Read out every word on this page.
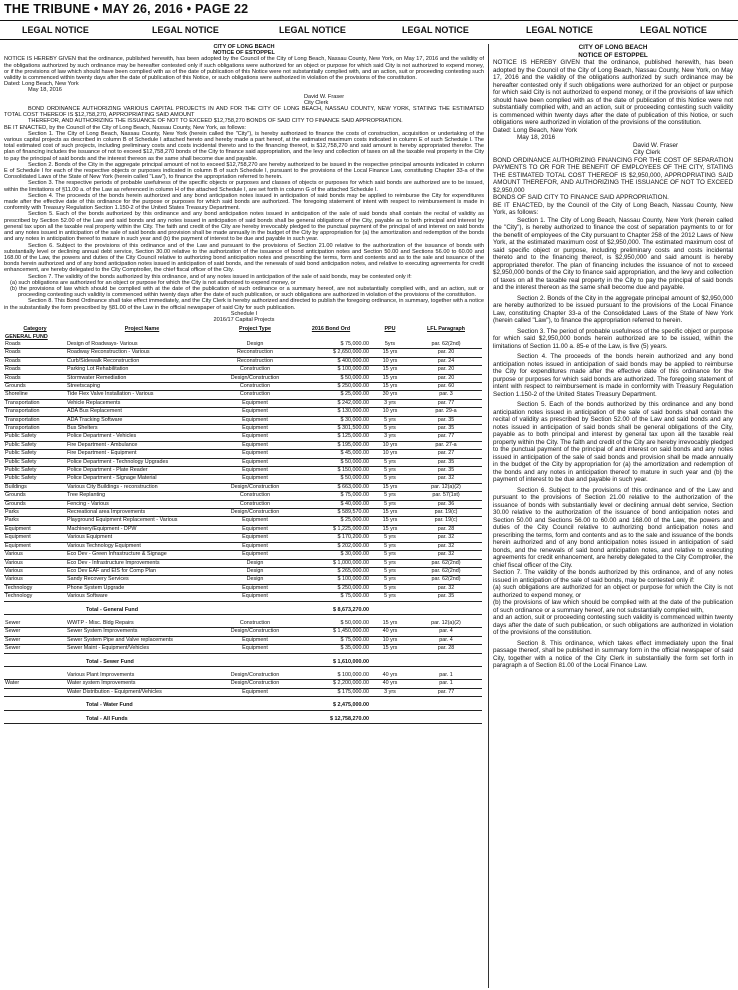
THE TRIBUNE • MAY 26, 2016 • PAGE 22
LEGAL NOTICE	LEGAL NOTICE	LEGAL NOTICE	LEGAL NOTICE	LEGAL NOTICE	LEGAL NOTICE
CITY OF LONG BEACH
NOTICE OF ESTOPPEL

NOTICE IS HEREBY GIVEN that the ordinance, published herewith, has been adopted by the Council of the City of Long Beach, Nassau County, New York, on May 17, 2016 and the validity of the obligations authorized by such ordinance may be hereafter contested only if such obligations were authorized for an object or purpose for which said City is not authorized to expend money, or if the provisions of law which should have been complied with as of the date of publication of this Notice were not substantially complied with, and an action, suit or proceeding contesting such validity is commenced within twenty days after the date of publication of this Notice, or such obligations were authorized in violation of the provisions of the constitution.

Dated: Long Beach, New York
May 18, 2016
David W. Fraser
City Clerk

BOND ORDINANCE AUTHORIZING VARIOUS CAPITAL PROJECTS IN AND FOR THE CITY OF LONG BEACH, NASSAU COUNTY, NEW YORK, STATING THE ESTIMATED TOTAL COST THEREOF IS $12,758,270, APPROPRIATING SAID AMOUNT

THEREFOR, AND AUTHORIZING THE ISSUANCE OF NOT TO EXCEED $12,758,270 BONDS OF SAID CITY TO FINANCE SAID APPROPRIATION.

BE IT ENACTED, by the Council of the City of Long Beach, Nassau County, New York, as follows:

Section 1. The City of Long Beach, Nassau County, New York (herein called the "City"), is hereby authorized to finance the costs of construction, acquisition or undertaking of the various capital projects as described in column B of Schedule I attached hereto and hereby made a part hereof, at the estimated maximum costs indicated in column E of such Schedule I. The total estimated cost of such projects, including preliminary costs and costs incidental thereto and to the financing thereof, is $12,758,270 and said amount is hereby appropriated therefor. The plan of financing includes the issuance of not to exceed $12,758,270 bonds of the City to finance said appropriation, and the levy and collection of taxes on all the taxable real property in the City to pay the principal of said bonds and the interest thereon as the same shall become due and payable.

Section 2. Bonds of the City in the aggregate principal amount of not to exceed $12,758,270 are hereby authorized to be issued in the respective principal amounts indicated in column E of Schedule I for each of the respective objects or purposes indicated in column B of such Schedule I, pursuant to the provisions of the Local Finance Law, constituting Chapter 33-a of the Consolidated Laws of the State of New York (herein called "Law"), to finance the appropriation referred to herein.

Section 3. The respective periods of probable usefulness of the specific objects or purposes and classes of objects or purposes for which said bonds are authorized are to be issued, within the limitations of §11.00 a. of the Law as referenced in column H of the attached Schedule I, are set forth in column G of the attached Schedule I.

Section 4. The proceeds of the bonds herein authorized and any bond anticipation notes issued in anticipation of said bonds may be applied to reimburse the City for expenditures made after the effective date of this ordinance for the purpose or purposes for which said bonds are authorized. The foregoing statement of intent with respect to reimbursement is made in conformity with Treasury Regulation Section 1.150-2 of the United States Treasury Department.

Section 5. Each of the bonds authorized by this ordinance and any bond anticipation notes issued in anticipation of the sale of said bonds shall contain the recital of validity as prescribed by Section 52.00 of the Law and said bonds and any notes issued in anticipation of said bonds shall be general obligations of the City, payable as to both principal and interest by general tax upon all the taxable real property within the City. The faith and credit of the City are hereby irrevocably pledged to the punctual payment of the principal of and interest on said bonds and any notes issued in anticipation of the sale of said bonds and provision shall be made annually in the budget of the City by appropriation for (a) the amortization and redemption of the bonds and any notes in anticipation thereof to mature in such year and (b) the payment of interest to be due and payable in such year.

Section 6. Subject to the provisions of this ordinance and of the Law and pursuant to the provisions of Section 21.00 relative to the authorization of the issuance of bonds with substantially level or declining annual debt service, Section 30.00 relative to the authorization of the issuance of bond anticipation notes and Section 50.00 and Sections 56.00 to 60.00 and 168.00 of the Law, the powers and duties of the City Council relative to authorizing bond anticipation notes and prescribing the terms, form and contents and as to the sale and issuance of the bonds herein authorized and of any bond anticipation notes issued in anticipation of said bonds, and the renewals of said bond anticipation notes, and relative to executing agreements for credit enhancement, are hereby delegated to the City Comptroller, the chief fiscal officer of the City.

Section 7. The validity of the bonds authorized by this ordinance, and of any notes issued in anticipation of the sale of said bonds, may be contested only if:

(a) such obligations are authorized for an object or purpose for which the City is not authorized to expend money, or

(b) the provisions of law which should be complied with at the date of the publication of such ordinance or a summary hereof, are not substantially complied with, and an action, suit or proceeding contesting such validity is commenced within twenty days after the date of such publication, or such obligations are authorized in violation of the provisions of the constitution.

Section 8. This Bond Ordinance shall take effect immediately, and the City Clerk is hereby authorized and directed to publish the foregoing ordinance, in summary, together with a notice in the substantially the form prescribed by §81.00 of the Law in the official newspaper of said City for such publication.

Schedule I
2016/17 Capital Projects
Category	Project Name	Project Type	2016 Bond Ord	PPU	LFL Paragraph
GENERAL FUND					
Roads	Design of Roadways- Various	Design	$ 75,000.00	5yrs	par. 62(2nd)
Roads	Roadway Reconstruction - Various	Reconstruction	$ 2,650,000.00	15 yrs	par. 20
Roads	Curb/Sidewalk Reconstruction	Reconstruction	$ 400,000.00	10 yrs	par. 24
Roads	Parking Lot Rehabilitation	Construction	$ 100,000.00	15 yrs	par. 20
Roads	Stormwater Remediation	Design/Construction	$ 50,000.00	15 yrs	par. 20
Grounds	Streetscaping	Construction	$ 250,000.00	15 yrs	par. 60
Shoreline	Tide Flex Valve Installation - Various	Construction	$ 25,000.00	30 yrs	par. 3
Transportation	Vehicle Replacements	Equipment	$ 242,000.00	3 yrs	par. 77
Transportation	ADA Bus Replacement	Equipment	$ 130,000.00	10 yrs	par. 29-a
Transportation	ADA Tracking Software	Equipment	$ 30,000.00	5 yrs	par. 35
Transportation	Bus Shelters	Equipment	$ 301,500.00	5 yrs	par. 35
Public Safety	Police Department - Vehicles	Equipment	$ 125,000.00	3 yrs	par. 77
Public Safety	Fire Department - Ambulance	Equipment	$ 195,000.00	10 yrs	par. 27-a
Public Safety	Fire Department - Equipment	Equipment	$ 45,000.00	10 yrs	par. 27
Public Safety	Police Department - Technology Upgrades	Equipment	$ 50,000.00	5 yrs	par. 35
Public Safety	Police Department - Plate Reader	Equipment	$ 150,000.00	5 yrs	par. 35
Public Safety	Police Department - Signage Material	Equipment	$ 50,000.00	5 yrs	par. 32
Buildings	Various City Buildings - reconstruction	Design/Construction	$ 663,000.00	15 yrs	par. 12(a)(2)
Grounds	Tree Replanting	Construction	$ 75,000.00	5 yrs	par. 57(1st)
Grounds	Fencing - Various	Construction	$ 40,000.00	5 yrs	par. 36
Parks	Recreational area Improvements	Design/Construction	$ 589,570.00	15 yrs	par. 19(c)
Parks	Playground Equipment Replacement - Various	Equipment	$ 25,000.00	15 yrs	par. 19(c)
Equipment	Machinery/Equipment - DPW	Equipment	$ 1,225,000.00	15 yrs	par. 28
Equipment	Various Equipment	Equipment	$ 170,200.00	5 yrs	par. 32
Equipment	Various Technology Equipment	Equipment	$ 202,000.00	5 yrs	par. 32
Various	Eco Dev - Green Infrastructure & Signage	Equipment	$ 30,000.00	5 yrs	par. 32
Various	Eco Dev - Infrastructure Improvements	Design	$ 1,000,000.00	5 yrs	par. 62(2nd)
Various	Eco Dev EAF and EIS for Comp Plan	Design	$ 265,000.00	5 yrs	par. 62(2nd)
Various	Sandy Recovery Services	Design	$ 100,000.00	5 yrs	par. 62(2nd)
Technology	Phone System Upgrade	Equipment	$ 250,000.00	5 yrs	par. 32
Technology	Various Software	Equipment	$ 75,000.00	5 yrs	par. 35

	Total - General Fund		$ 8,673,270.00		

Sewer	WWTP - Misc. Bldg Repairs	Construction	$ 50,000.00	15 yrs	par. 12(a)(2)
Sewer	Sewer System Improvements	Design/Construction	$ 1,450,000.00	40 yrs	par. 4
Sewer	Sewer System Pipe and Valve replacements	Equipment	$ 75,000.00	10 yrs	par. 4
Sewer	Sewer Maint - Equipment/Vehicles	Equipment	$ 35,000.00	15 yrs	par. 28

	Total - Sewer Fund		$ 1,610,000.00		

	Various Plant Improvements	Design/Construction	$ 100,000.00	40 yrs	par. 1
Water	Water system Improvements	Design/Construction	$ 2,200,000.00	40 yrs	par. 1
	Water Distribution - Equipment/Vehicles	Equipment	$ 175,000.00	3 yrs	par. 77

	Total - Water Fund		$ 2,475,000.00		

	Total - All Funds		$ 12,758,270.00		
CITY OF LONG BEACH
NOTICE OF ESTOPPEL

NOTICE IS HEREBY GIVEN that the ordinance, published herewith, has been adopted by the Council of the City of Long Beach, Nassau County, New York, on May 17, 2016 and the validity of the obligations authorized by such ordinance may be hereafter contested only if such obligations were authorized for an object or purpose for which said City is not authorized to expend money, or if the provisions of law which should have been complied with as of the date of publication of this Notice were not substantially complied with, and an action, suit or proceeding contesting such validity is commenced within twenty days after the date of publication of this Notice, or such obligations were authorized in violation of the provisions of the constitution.

Dated: Long Beach, New York
May 18, 2016
David W. Fraser
City Clerk

BOND ORDINANCE AUTHORIZING FINANCING FOR THE COST OF SEPARATION PAYMENTS TO OR FOR THE BENEFIT OF EMPLOYEES OF THE CITY, STATING THE ESTIMATED TOTAL COST THEREOF IS $2,950,000, APPROPRIATING SAID AMOUNT THEREFOR, AND AUTHORIZING THE ISSUANCE OF NOT TO EXCEED $2,950,000

BONDS OF SAID CITY TO FINANCE SAID APPROPRIATION.

BE IT ENACTED, by the Council of the City of Long Beach, Nassau County, New York, as follows:

Section 1. The City of Long Beach, Nassau County, New York (herein called the "City"), is hereby authorized to finance the cost of separation payments to or for the benefit of employees of the City pursuant to Chapter 258 of the 2012 Laws of New York, at the estimated maximum cost of $2,950,000. The estimated maximum cost of said specific object or purpose, including preliminary costs and costs incidental thereto and to the financing thereof, is $2,950,000 and said amount is hereby appropriated therefor. The plan of financing includes the issuance of not to exceed $2,950,000 bonds of the City to finance said appropriation, and the levy and collection of taxes on all the taxable real property in the City to pay the principal of said bonds and the interest thereon as the same shall become due and payable.

Section 2. Bonds of the City in the aggregate principal amount of $2,950,000 are hereby authorized to be issued pursuant to the provisions of the Local Finance Law, constituting Chapter 33-a of the Consolidated Laws of the State of New York (herein called "Law"), to finance the appropriation referred to herein.

Section 3. The period of probable usefulness of the specific object or purpose for which said $2,950,000 bonds herein authorized are to be issued, within the limitations of Section 11.00 a. 85-e of the Law, is five (5) years.

Section 4. The proceeds of the bonds herein authorized and any bond anticipation notes issued in anticipation of said bonds may be applied to reimburse the City for expenditures made after the effective date of this ordinance for the purpose or purposes for which said bonds are authorized. The foregoing statement of intent with respect to reimbursement is made in conformity with Treasury Regulation Section 1.150-2 of the United States Treasury Department.

Section 5. Each of the bonds authorized by this ordinance and any bond anticipation notes issued in anticipation of the sale of said bonds shall contain the recital of validity as prescribed by Section 52.00 of the Law and said bonds and any notes issued in anticipation of said bonds shall be general obligations of the City, payable as to both principal and interest by general tax upon all the taxable real property within the City. The faith and credit of the City are hereby irrevocably pledged to the punctual payment of the principal of and interest on said bonds and any notes issued in anticipation of the sale of said bonds and provision shall be made annually in the budget of the City by appropriation for (a) the amortization and redemption of the bonds and any notes in anticipation thereof to mature in such year and (b) the payment of interest to be due and payable in such year.

Section 6. Subject to the provisions of this ordinance and of the Law and pursuant to the provisions of Section 21.00 relative to the authorization of the issuance of bonds with substantially level or declining annual debt service, Section 30.00 relative to the authorization of the issuance of bond anticipation notes and Section 50.00 and Sections 56.00 to 60.00 and 168.00 of the Law, the powers and duties of the City Council relative to authorizing bond anticipation notes and prescribing the terms, form and contents and as to the sale and issuance of the bonds herein authorized and of any bond anticipation notes issued in anticipation of said bonds, and the renewals of said bond anticipation notes, and relative to executing agreements for credit enhancement, are hereby delegated to the City Comptroller, the chief fiscal officer of the City.

Section 7. The validity of the bonds authorized by this ordinance, and of any notes issued in anticipation of the sale of said bonds, may be contested only if:

(a) such obligations are authorized for an object or purpose for which the City is not authorized to expend money, or

(b) the provisions of law which should be complied with at the date of the publication of such ordinance or a summary hereof, are not substantially complied with,

and an action, suit or proceeding contesting such validity is commenced within twenty days after the date of such publication, or such obligations are authorized in violation of the provisions of the constitution.

Section 8. This ordinance, which takes effect immediately upon the final passage thereof, shall be published in summary form in the official newspaper of said City, together with a notice of the City Clerk in substantially the form set forth in paragraph a of Section 81.00 of the Local Finance Law.
